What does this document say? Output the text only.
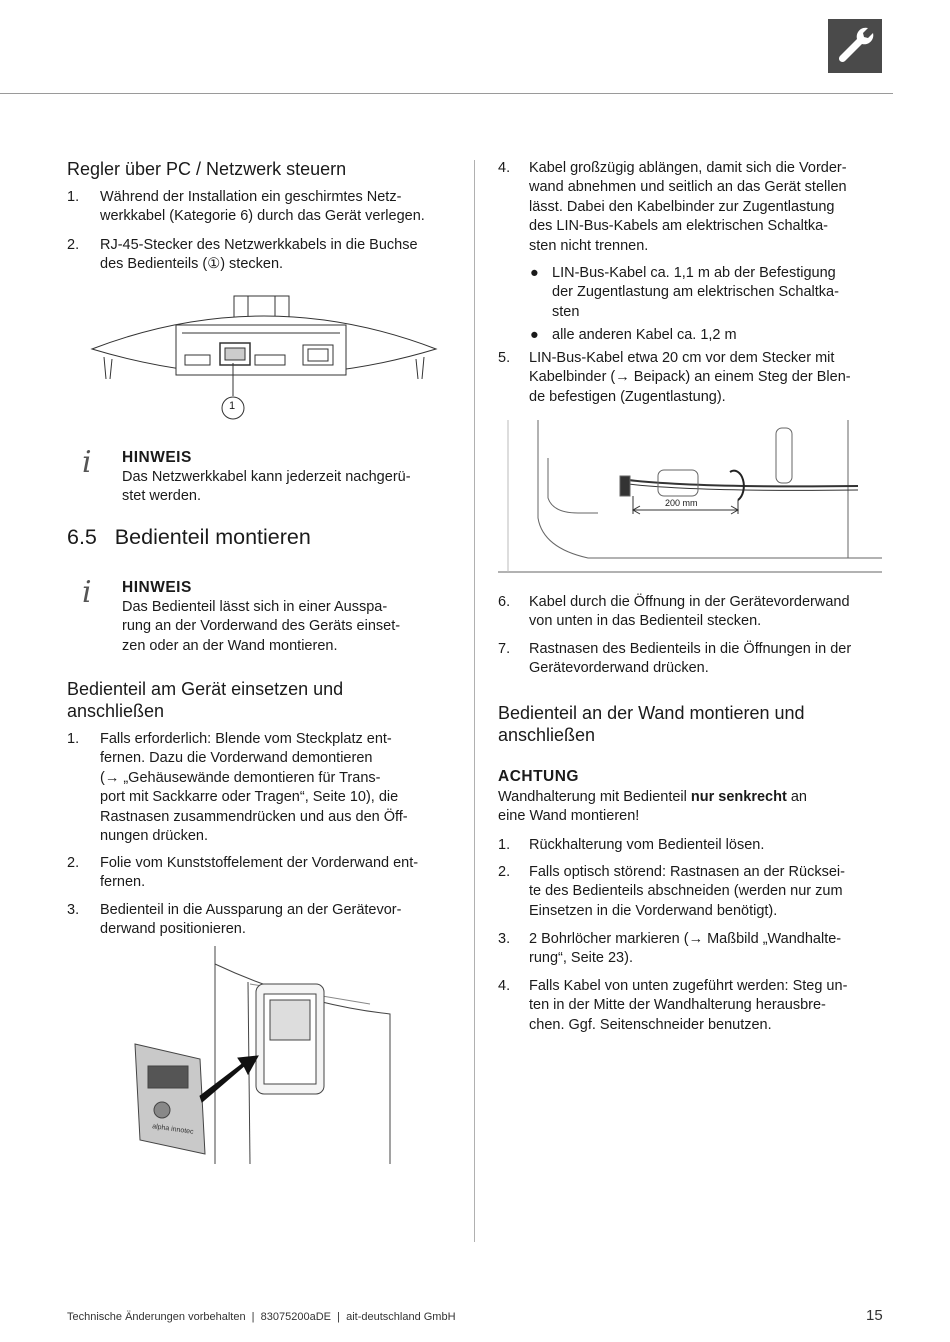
Regler über PC / Netzwerk steuern
1. Während der Installation ein geschirmtes Netz-
werkkabel (Kategorie 6) durch das Gerät verlegen.
2. RJ-45-Stecker des Netzwerkkabels in die Buchse
des Bedienteils (①) stecken.
1
i HINWEIS
Das Netzwerkkabel kann jederzeit nachgerü-
stet werden.
6.5   Bedienteil montieren
i HINWEIS
Das Bedienteil lässt sich in einer Ausspa-
rung an der Vorderwand des Geräts einset-
zen oder an der Wand montieren.
Bedienteil am Gerät einsetzen und
anschließen
1. Falls erforderlich: Blende vom Steckplatz ent-
fernen. Dazu die Vorderwand demontieren
(→ „Gehäusewände demontieren für Trans-
port mit Sackkarre oder Tragen“, Seite 10), die
Rastnasen zusammendrücken und aus den Öff-
nungen drücken.
2. Folie vom Kunststoffelement der Vorderwand ent-
fernen.
3. Bedienteil in die Aussparung an der Gerätevor-
derwand positionieren.
alpha innotec
4. Kabel großzügig ablängen, damit sich die Vorder-
wand abnehmen und seitlich an das Gerät stellen
lässt. Dabei den Kabelbinder zur Zugentlastung
des LIN-Bus-Kabels am elektrischen Schaltka-
sten nicht trennen.
● LIN-Bus-Kabel ca. 1,1 m ab der Befestigung
der Zugentlastung am elektrischen Schaltka-
sten
● alle anderen Kabel ca. 1,2 m
5. LIN-Bus-Kabel etwa 20 cm vor dem Stecker mit
Kabelbinder (→ Beipack) an einem Steg der Blen-
de befestigen (Zugentlastung).
200 mm
6. Kabel durch die Öffnung in der Gerätevorderwand
von unten in das Bedienteil stecken.
7. Rastnasen des Bedienteils in die Öffnungen in der
Gerätevorderwand drücken.
Bedienteil an der Wand montieren und
anschließen
ACHTUNG
Wandhalterung mit Bedienteil nur senkrecht an
eine Wand montieren!
1. Rückhalterung vom Bedienteil lösen.
2. Falls optisch störend: Rastnasen an der Rücksei-
te des Bedienteils abschneiden (werden nur zum
Einsetzen in die Vorderwand benötigt).
3. 2 Bohrlöcher markieren (→ Maßbild „Wandhalte-
rung“, Seite 23).
4. Falls Kabel von unten zugeführt werden: Steg un-
ten in der Mitte der Wandhalterung herausbre-
chen. Ggf. Seitenschneider benutzen.
Technische Änderungen vorbehalten  |  83075200aDE  |  ait-deutschland GmbH	15
